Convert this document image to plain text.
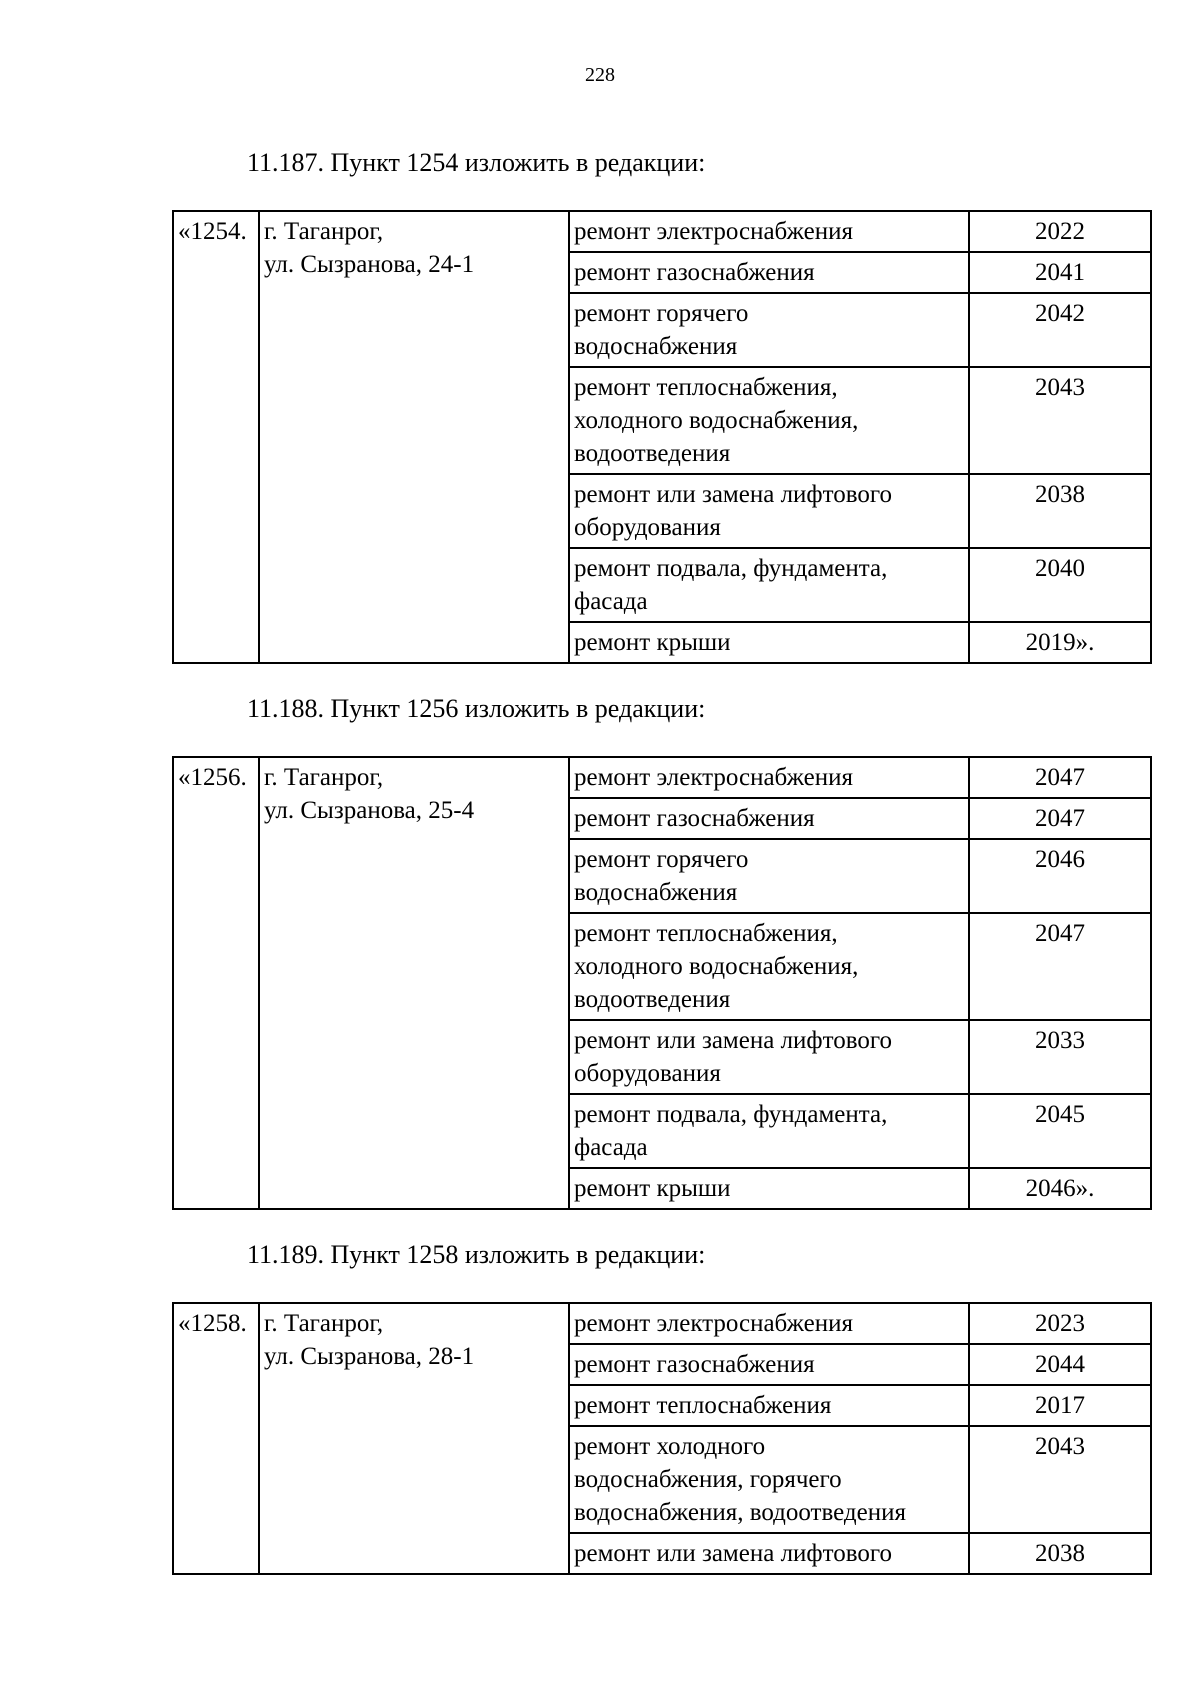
228
11.187. Пункт 1254 изложить в редакции:
«1254.	г. Таганрог,
ул. Сызранова, 24-1	ремонт электроснабжения	2022

		ремонт газоснабжения	2041

		ремонт горячего
водоснабжения	2042

		ремонт теплоснабжения,
холодного водоснабжения,
водоотведения	2043

		ремонт или замена лифтового
оборудования	2038

		ремонт подвала, фундамента,
фасада	2040

		ремонт крыши	2019».
11.188. Пункт 1256 изложить в редакции:
«1256.	г. Таганрог,
ул. Сызранова, 25-4	ремонт электроснабжения	2047

		ремонт газоснабжения	2047

		ремонт горячего
водоснабжения	2046

		ремонт теплоснабжения,
холодного водоснабжения,
водоотведения	2047

		ремонт или замена лифтового
оборудования	2033

		ремонт подвала, фундамента,
фасада	2045

		ремонт крыши	2046».
11.189. Пункт 1258 изложить в редакции:
«1258.	г. Таганрог,
ул. Сызранова, 28-1	ремонт электроснабжения	2023

		ремонт газоснабжения	2044

		ремонт теплоснабжения	2017

		ремонт холодного
водоснабжения, горячего
водоснабжения, водоотведения	2043

		ремонт или замена лифтового	2038
